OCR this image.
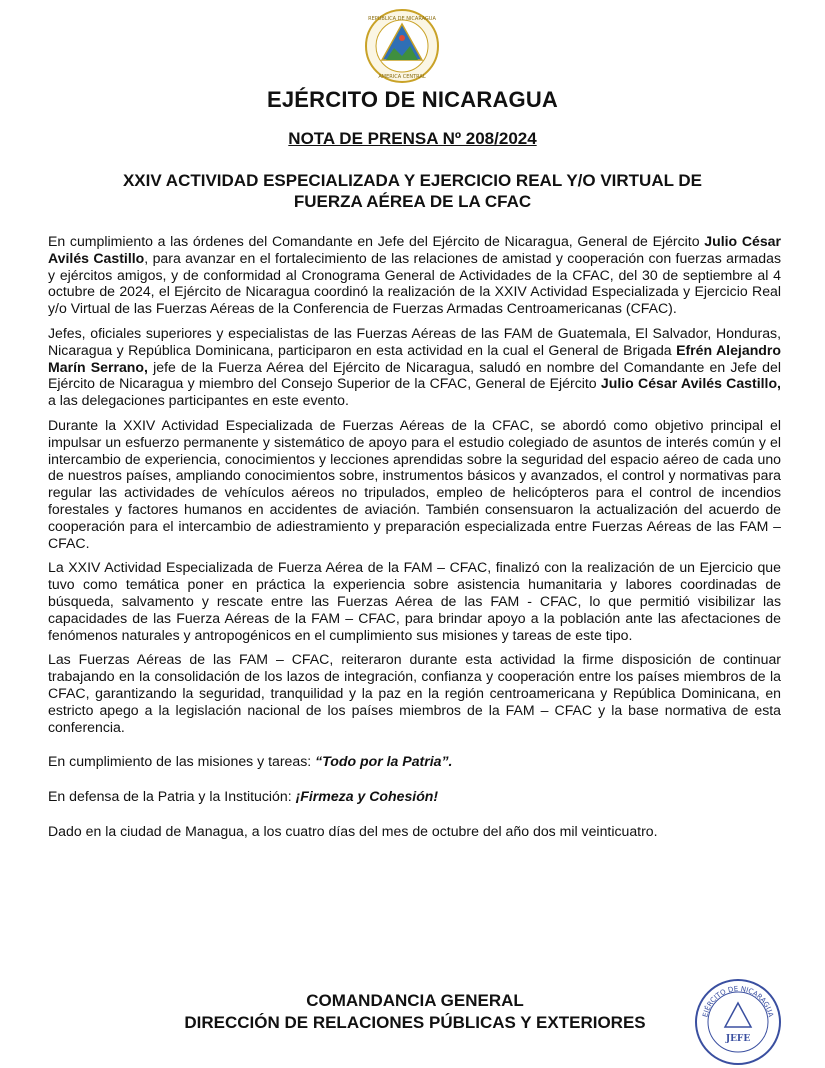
REPUBLICA DE NICARAGUA
AMERICA CENTRAL
EJÉRCITO DE NICARAGUA
NOTA DE PRENSA Nº 208/2024
XXIV ACTIVIDAD ESPECIALIZADA Y EJERCICIO REAL Y/O VIRTUAL DE
FUERZA AÉREA DE LA CFAC

En cumplimiento a las órdenes del Comandante en Jefe del Ejército de Nicaragua, General de Ejército Julio César Avilés Castillo, para avanzar en el fortalecimiento de las relaciones de amistad y cooperación con fuerzas armadas y ejércitos amigos, y de conformidad al Cronograma General de Actividades de la CFAC, del 30 de septiembre al 4 octubre de 2024, el Ejército de Nicaragua coordinó la realización de la XXIV Actividad Especializada y Ejercicio Real y/o Virtual de las Fuerzas Aéreas de la Conferencia de Fuerzas Armadas Centroamericanas (CFAC).

Jefes, oficiales superiores y especialistas de las Fuerzas Aéreas de las FAM de Guatemala, El Salvador, Honduras, Nicaragua y República Dominicana, participaron en esta actividad en la cual el General de Brigada Efrén Alejandro Marín Serrano, jefe de la Fuerza Aérea del Ejército de Nicaragua, saludó en nombre del Comandante en Jefe del Ejército de Nicaragua y miembro del Consejo Superior de la CFAC, General de Ejército Julio César Avilés Castillo, a las delegaciones participantes en este evento.

Durante la XXIV Actividad Especializada de Fuerzas Aéreas de la CFAC, se abordó como objetivo principal el impulsar un esfuerzo permanente y sistemático de apoyo para el estudio colegiado de asuntos de interés común y el intercambio de experiencia, conocimientos y lecciones aprendidas sobre la seguridad del espacio aéreo de cada uno de nuestros países, ampliando conocimientos sobre, instrumentos básicos y avanzados, el control y normativas para regular las actividades de vehículos aéreos no tripulados, empleo de helicópteros para el control de incendios forestales y factores humanos en accidentes de aviación. También consensuaron la actualización del acuerdo de cooperación para el intercambio de adiestramiento y preparación especializada entre Fuerzas Aéreas de las FAM – CFAC.

La XXIV Actividad Especializada de Fuerza Aérea de la FAM – CFAC, finalizó con la realización de un Ejercicio que tuvo como temática poner en práctica la experiencia sobre asistencia humanitaria y labores coordinadas de búsqueda, salvamento y rescate entre las Fuerzas Aérea de las FAM - CFAC, lo que permitió visibilizar las capacidades de las Fuerza Aéreas de la FAM – CFAC, para brindar apoyo a la población ante las afectaciones de fenómenos naturales y antropogénicos en el cumplimiento sus misiones y tareas de este tipo.

Las Fuerzas Aéreas de las FAM – CFAC, reiteraron durante esta actividad la firme disposición de continuar trabajando en la consolidación de los lazos de integración, confianza y cooperación entre los países miembros de la CFAC, garantizando la seguridad, tranquilidad y la paz en la región centroamericana y República Dominicana, en estricto apego a la legislación nacional de los países miembros de la FAM – CFAC y la base normativa de esta conferencia.

En cumplimiento de las misiones y tareas: “Todo por la Patria”.

En defensa de la Patria y la Institución: ¡Firmeza y Cohesión!

Dado en la ciudad de Managua, a los cuatro días del mes de octubre del año dos mil veinticuatro.

COMANDANCIA GENERAL
DIRECCIÓN DE RELACIONES PÚBLICAS Y EXTERIORES	EJÉRCITO DE NICARAGUA
JEFE
